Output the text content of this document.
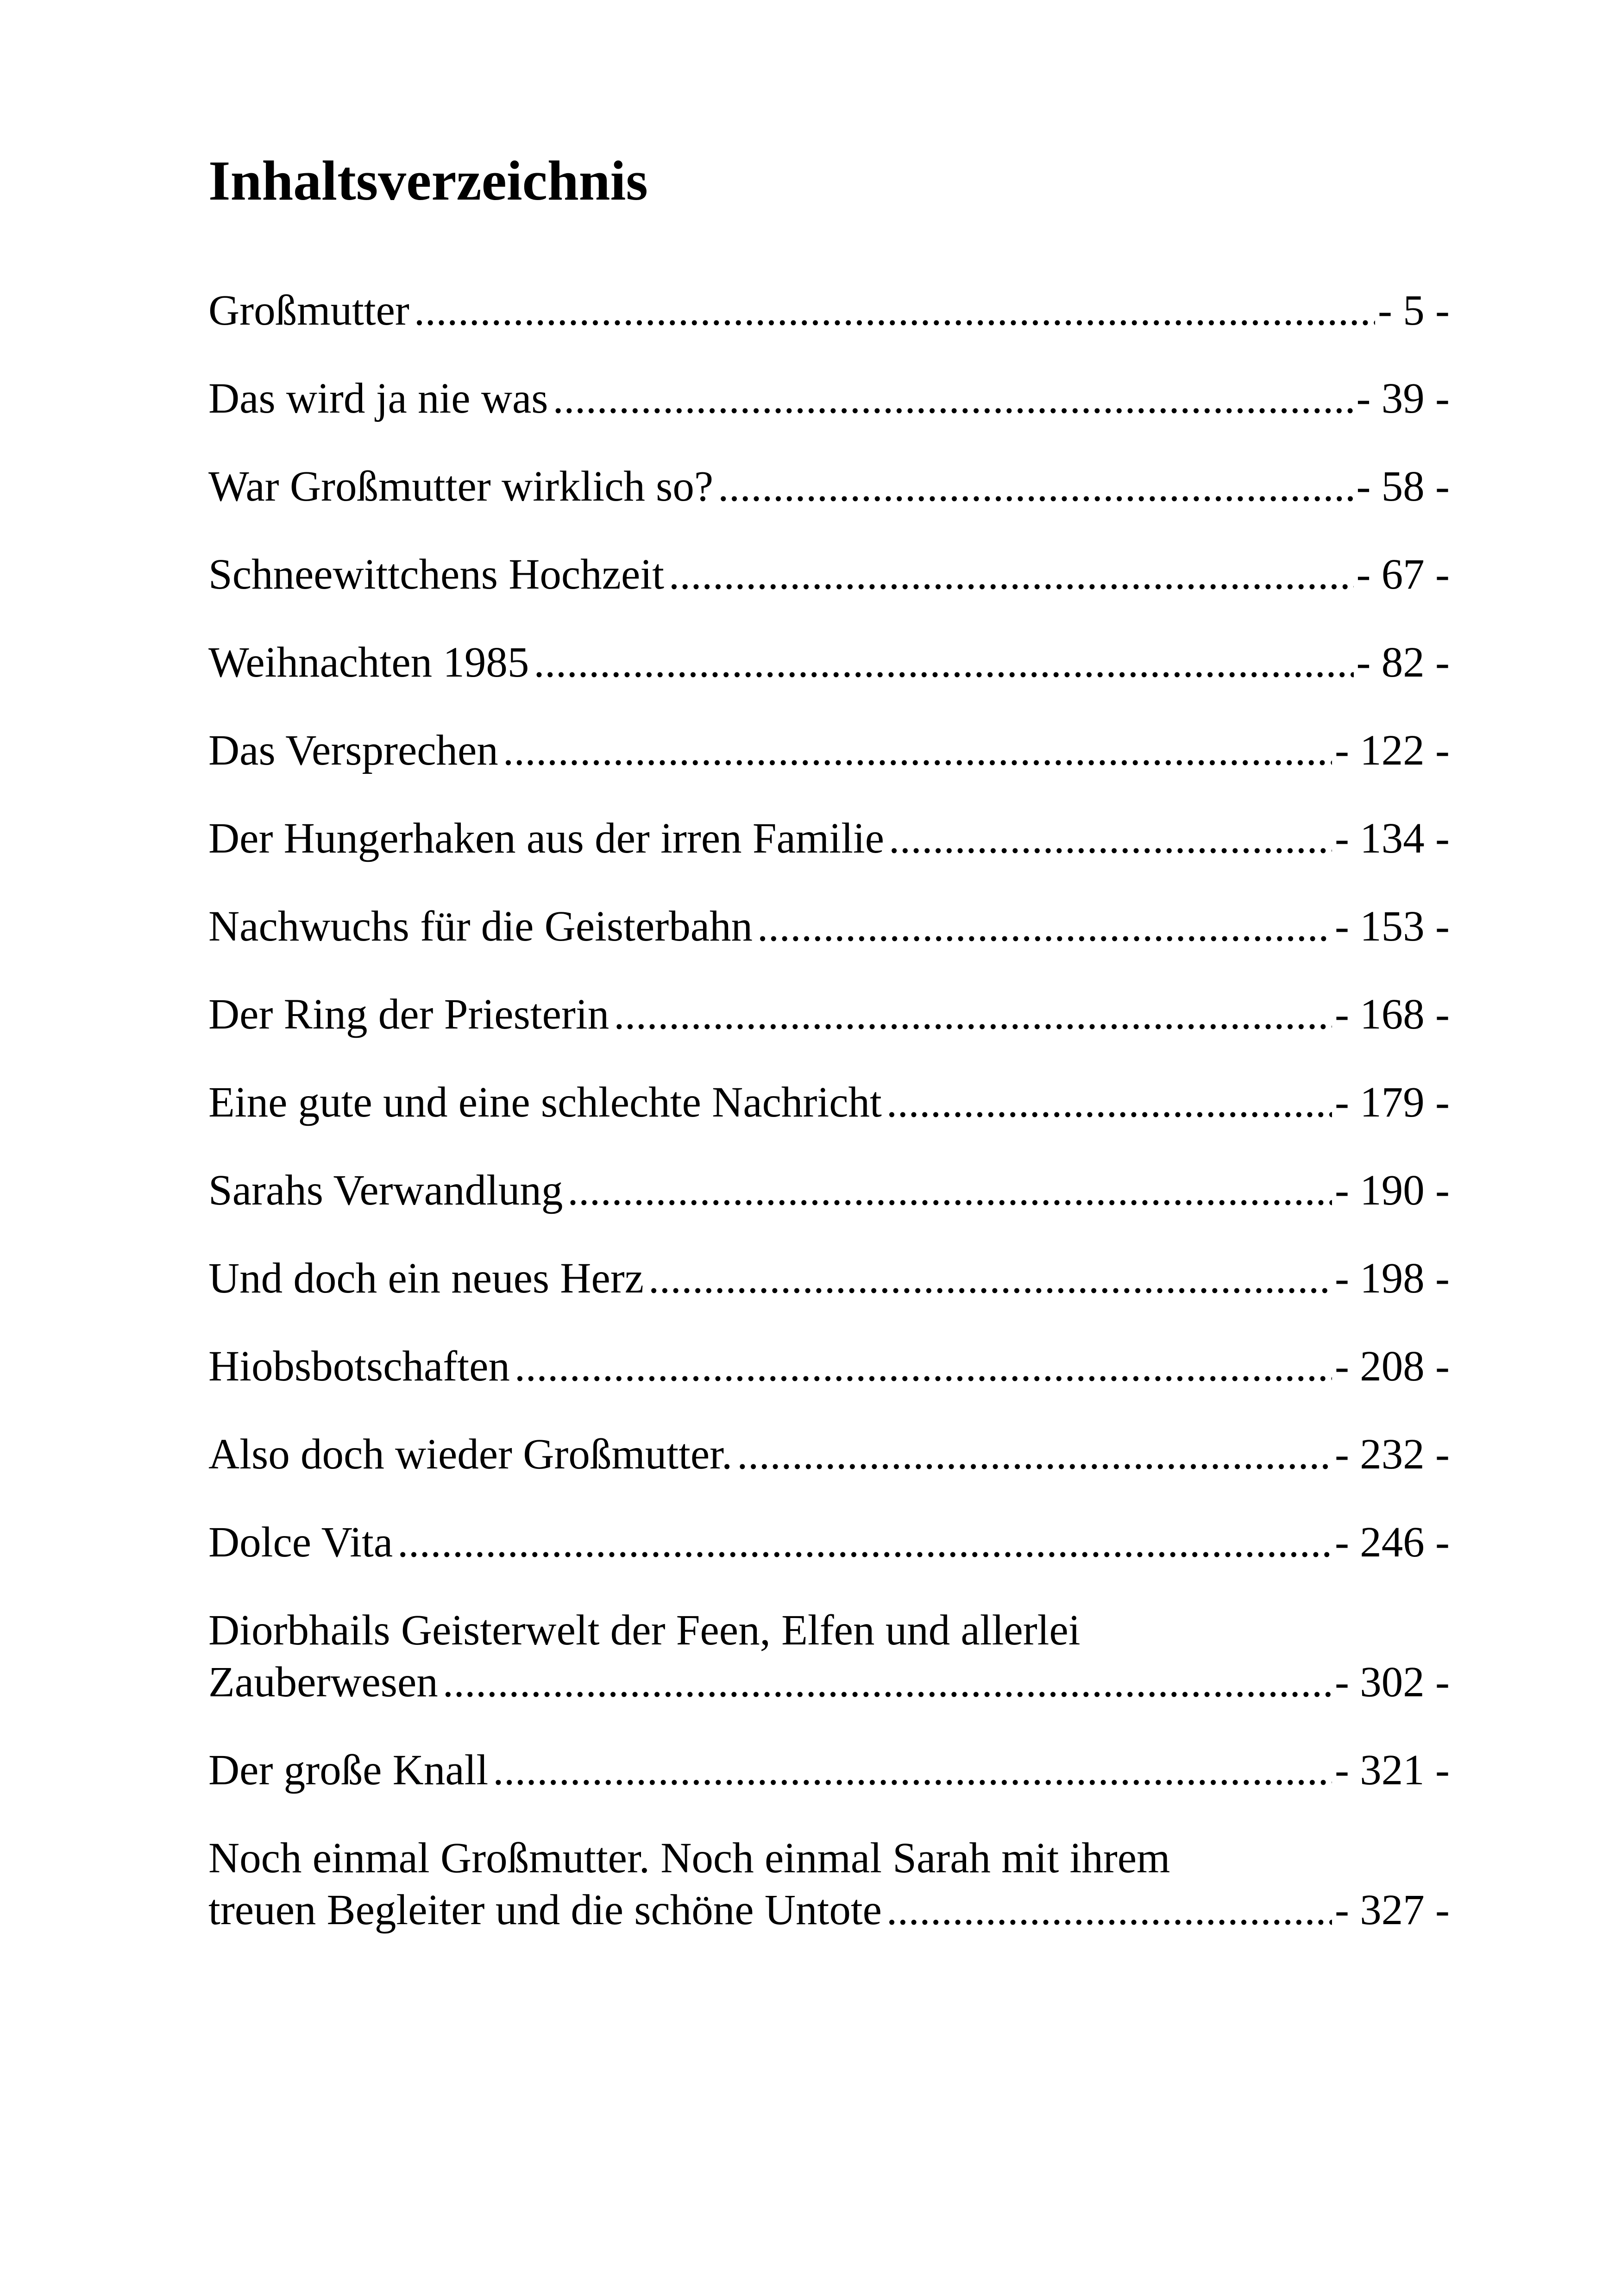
Inhaltsverzeichnis
Großmutter .....	- 5 -
Das wird ja nie was .....	- 39 -
War Großmutter wirklich so? .....	- 58 -
Schneewittchens Hochzeit .....	- 67 -
Weihnachten 1985 .....	- 82 -
Das Versprechen .....	- 122 -
Der Hungerhaken aus der irren Familie .....	- 134 -
Nachwuchs für die Geisterbahn .....	- 153 -
Der Ring der Priesterin .....	- 168 -
Eine gute und eine schlechte Nachricht .....	- 179 -
Sarahs Verwandlung .....	- 190 -
Und doch ein neues Herz .....	- 198 -
Hiobsbotschaften .....	- 208 -
Also doch wieder Großmutter. .....	- 232 -
Dolce Vita .....	- 246 -
Diorbhails Geisterwelt der Feen, Elfen und allerlei
Zauberwesen .....	- 302 -
Der große Knall .....	- 321 -
Noch einmal Großmutter. Noch einmal Sarah mit ihrem
treuen Begleiter und die schöne Untote .....	- 327 -
